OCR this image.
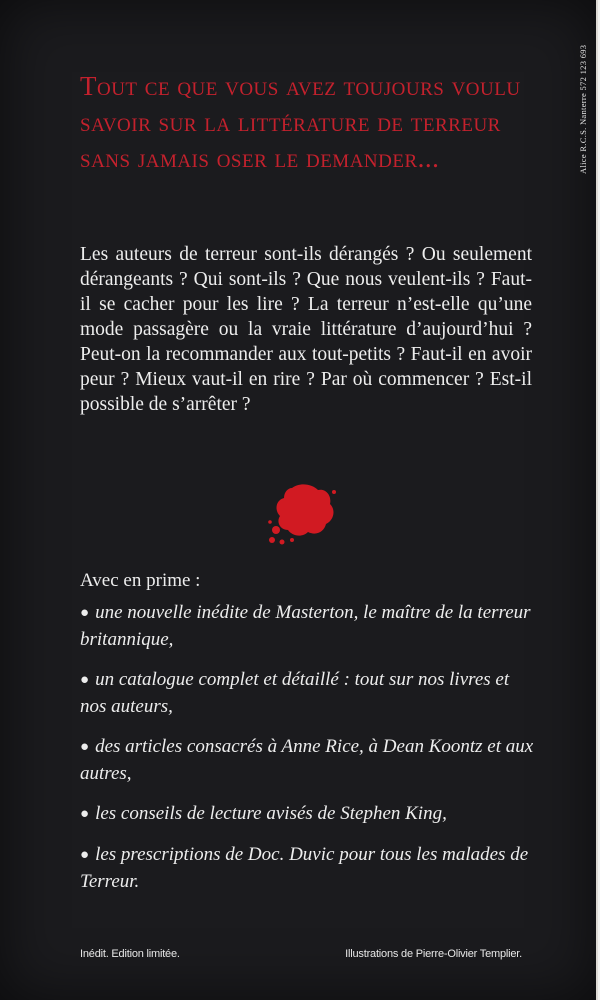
Alice R.C.S. Nanterre 572 123 693
Tout ce que vous avez toujours voulu savoir sur la littérature de terreur sans jamais oser le demander...

Les auteurs de terreur sont-ils dérangés ? Ou seulement dérangeants ? Qui sont-ils ? Que nous veulent-ils ? Faut-il se cacher pour les lire ? La terreur n’est-elle qu’une mode passagère ou la vraie littérature d’aujourd’hui ? Peut-on la recommander aux tout-petits ? Faut-il en avoir peur ? Mieux vaut-il en rire ? Par où commencer ? Est-il possible de s’arrêter ?

Avec en prime :

● une nouvelle inédite de Masterton, le maître de la terreur britannique,
● un catalogue complet et détaillé : tout sur nos livres et nos auteurs,
● des articles consacrés à Anne Rice, à Dean Koontz et aux autres,
● les conseils de lecture avisés de Stephen King,
● les prescriptions de Doc. Duvic pour tous les malades de Terreur.
Inédit. Edition limitée.	Illustrations de Pierre-Olivier Templier.
